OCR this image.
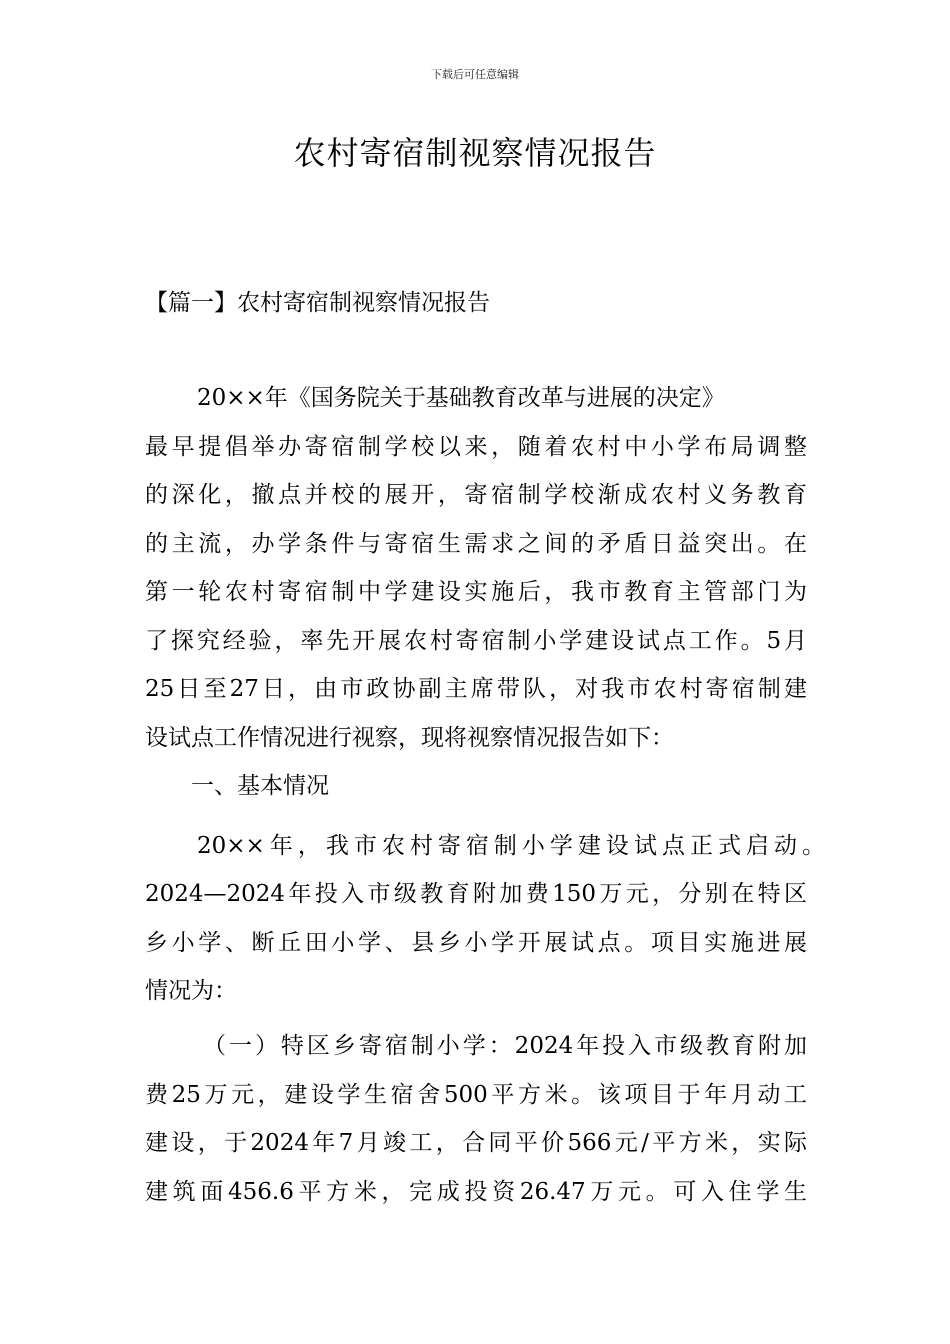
下载后可任意编辑
农村寄宿制视察情况报告
【篇一】农村寄宿制视察情况报告
20××年《国务院关于基础教育改革与进展的决定》
最早提倡举办寄宿制学校以来，随着农村中小学布局调整
的深化，撤点并校的展开，寄宿制学校渐成农村义务教育
的主流，办学条件与寄宿生需求之间的矛盾日益突出。在
第一轮农村寄宿制中学建设实施后，我市教育主管部门为
了探究经验，率先开展农村寄宿制小学建设试点工作。5月
25日至27日，由市政协副主席带队，对我市农村寄宿制建
设试点工作情况进行视察，现将视察情况报告如下：
一、基本情况
20××年，我市农村寄宿制小学建设试点正式启动。
2024—2024年投入市级教育附加费150万元，分别在特区
乡小学、断丘田小学、县乡小学开展试点。项目实施进展
情况为：
（一）特区乡寄宿制小学：2024年投入市级教育附加
费25万元，建设学生宿舍500平方米。该项目于年月动工
建设，于2024年7月竣工，合同平价566元/平方米，实际
建筑面456.6平方米，完成投资26.47万元。可入住学生
